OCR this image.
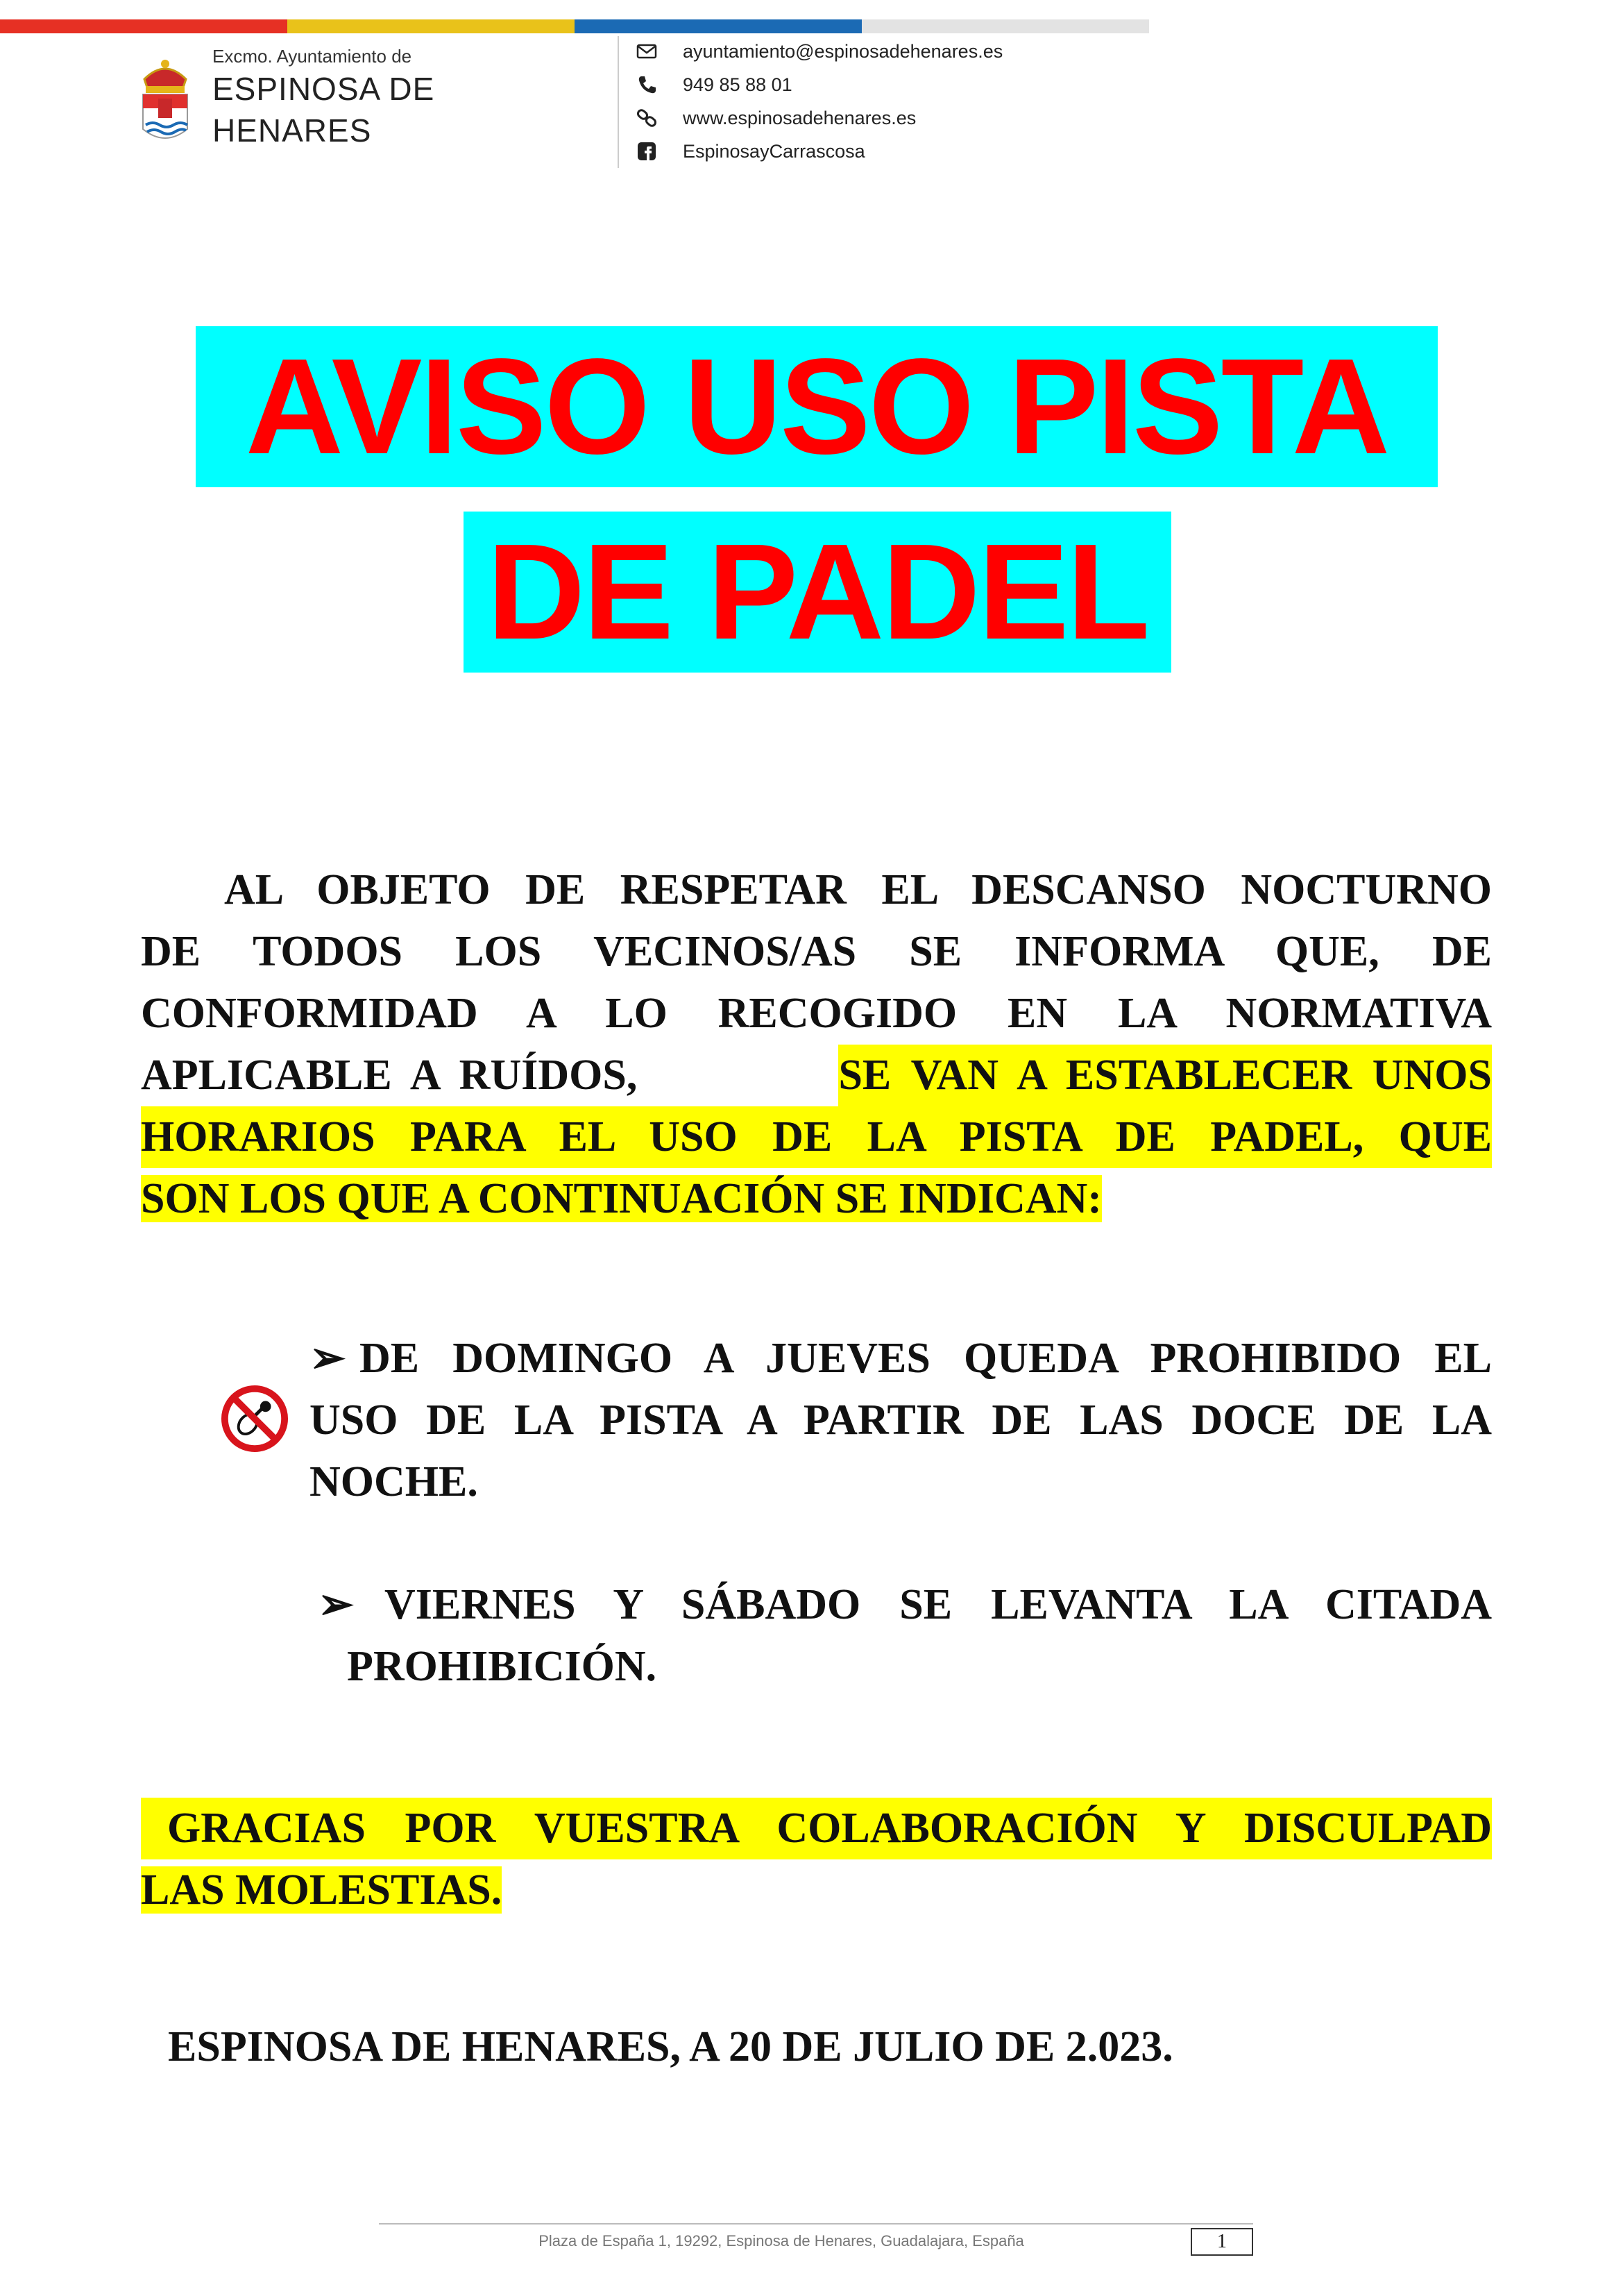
Excmo. Ayuntamiento de
ESPINOSA DE
HENARES
ayuntamiento@espinosadehenares.es
949 85 88 01
www.espinosadehenares.es
EspinosayCarrascosa
AVISO USO PISTA
DE PADEL
AL OBJETO DE RESPETAR EL DESCANSO NOCTURNO
DE TODOS LOS VECINOS/AS SE INFORMA QUE, DE
CONFORMIDAD A LO RECOGIDO EN LA NORMATIVA
APLICABLE A RUÍDOS,	SE VAN A ESTABLECER UNOS
HORARIOS PARA EL USO DE LA PISTA DE PADEL, QUE
SON LOS QUE A CONTINUACIÓN SE INDICAN:
➢ DE DOMINGO A JUEVES QUEDA PROHIBIDO EL
USO DE LA PISTA A PARTIR DE LAS DOCE DE LA
NOCHE.
➢ VIERNES Y SÁBADO SE LEVANTA LA CITADA
PROHIBICIÓN.
GRACIAS POR VUESTRA COLABORACIÓN Y DISCULPAD
LAS MOLESTIAS.
ESPINOSA DE HENARES, A 20 DE JULIO DE 2.023.
Plaza de España 1, 19292, Espinosa de Henares, Guadalajara, España	1
